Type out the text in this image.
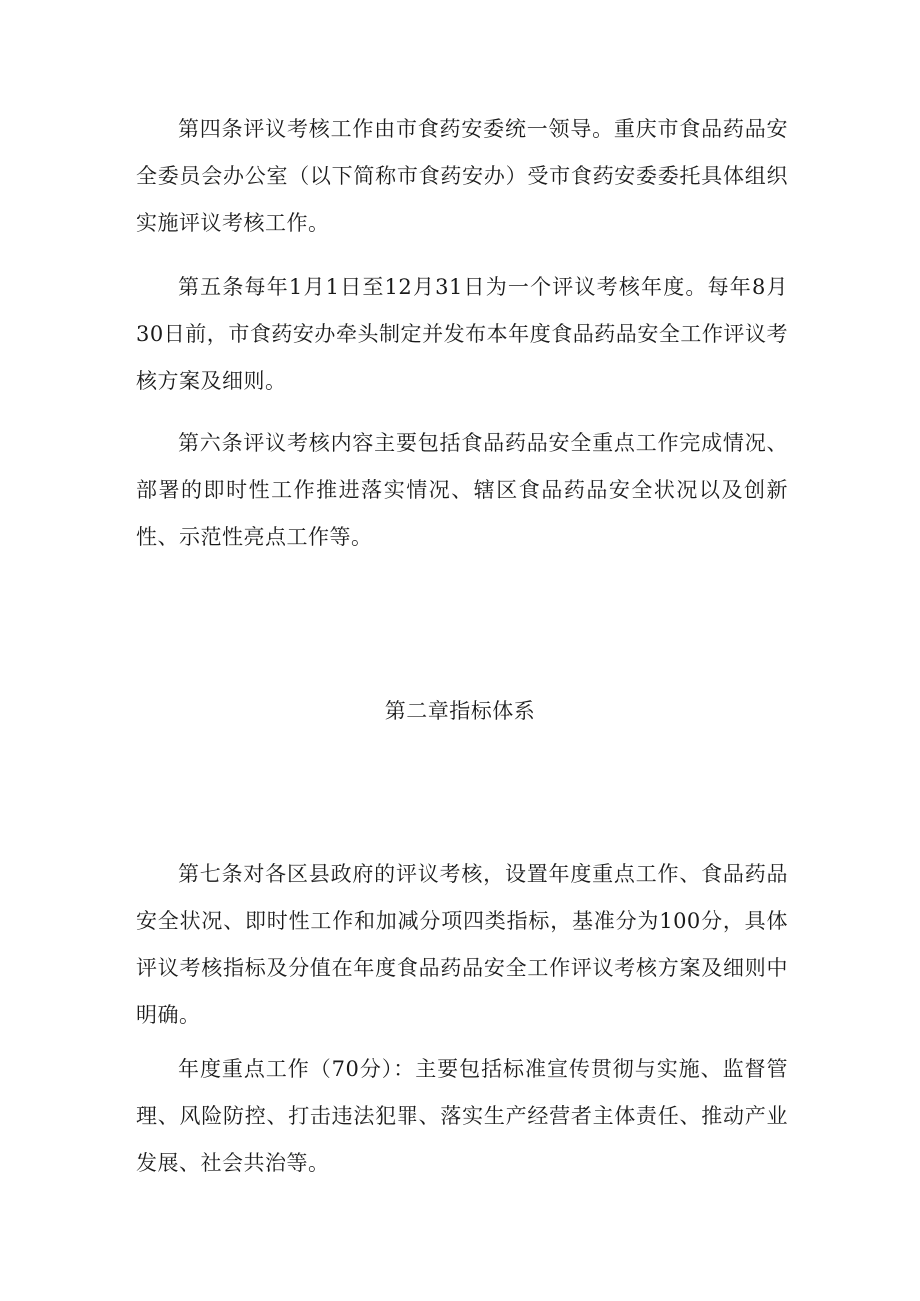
第四条评议考核工作由市食药安委统一领导。重庆市食品药品安全委员会办公室（以下简称市食药安办）受市食药安委委托具体组织实施评议考核工作。

第五条每年1月1日至12月31日为一个评议考核年度。每年8月30日前，市食药安办牵头制定并发布本年度食品药品安全工作评议考核方案及细则。

第六条评议考核内容主要包括食品药品安全重点工作完成情况、部署的即时性工作推进落实情况、辖区食品药品安全状况以及创新性、示范性亮点工作等。

第二章指标体系

第七条对各区县政府的评议考核，设置年度重点工作、食品药品安全状况、即时性工作和加减分项四类指标，基准分为100分，具体评议考核指标及分值在年度食品药品安全工作评议考核方案及细则中明确。

年度重点工作（70分）：主要包括标准宣传贯彻与实施、监督管理、风险防控、打击违法犯罪、落实生产经营者主体责任、推动产业发展、社会共治等。
